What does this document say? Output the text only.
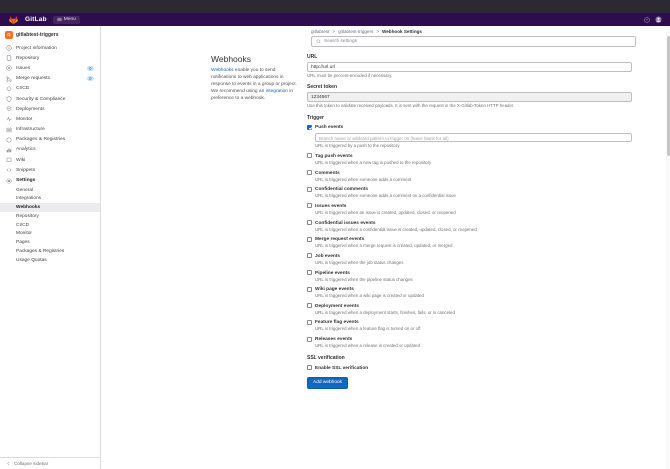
GitLab	Menu	?
G	gitlabtest-triggers
Project information
Repository
Issues	0
Merge requests	0
CI/CD
Security & Compliance
Deployments
Monitor
Infrastructure
Packages & Registries
Analytics
Wiki
Snippets
Settings
General
Integrations
Webhooks
Repository
CI/CD
Monitor
Pages
Packages & Registries
Usage Quotas
Collapse sidebar
gitlabtest > gitlabtest-triggers > Webhook Settings
Search settings
Webhooks
Webhooks enable you to send notifications to web applications in response to events in a group or project. We recommend using an integration in preference to a webhook.
URL
http://url.url
URL must be percent-encoded if necessary.
Secret token
1234567
Use this token to validate received payloads. It is sent with the request in the X-Gitlab-Token HTTP header.
Trigger
Push events
Branch name or wildcard pattern to trigger on (leave blank for all)
URL is triggered by a push to the repository
Tag push events
URL is triggered when a new tag is pushed to the repository
Comments
URL is triggered when someone adds a comment
Confidential comments
URL is triggered when someone adds a comment on a confidential issue
Issues events
URL is triggered when an issue is created, updated, closed, or reopened
Confidential issues events
URL is triggered when a confidential issue is created, updated, closed, or reopened
Merge request events
URL is triggered when a merge request is created, updated, or merged
Job events
URL is triggered when the job status changes
Pipeline events
URL is triggered when the pipeline status changes
Wiki page events
URL is triggered when a wiki page is created or updated
Deployment events
URL is triggered when a deployment starts, finishes, fails, or is canceled
Feature flag events
URL is triggered when a feature flag is turned on or off
Releases events
URL is triggered when a release is created or updated
SSL verification
Enable SSL verification
Add webhook
